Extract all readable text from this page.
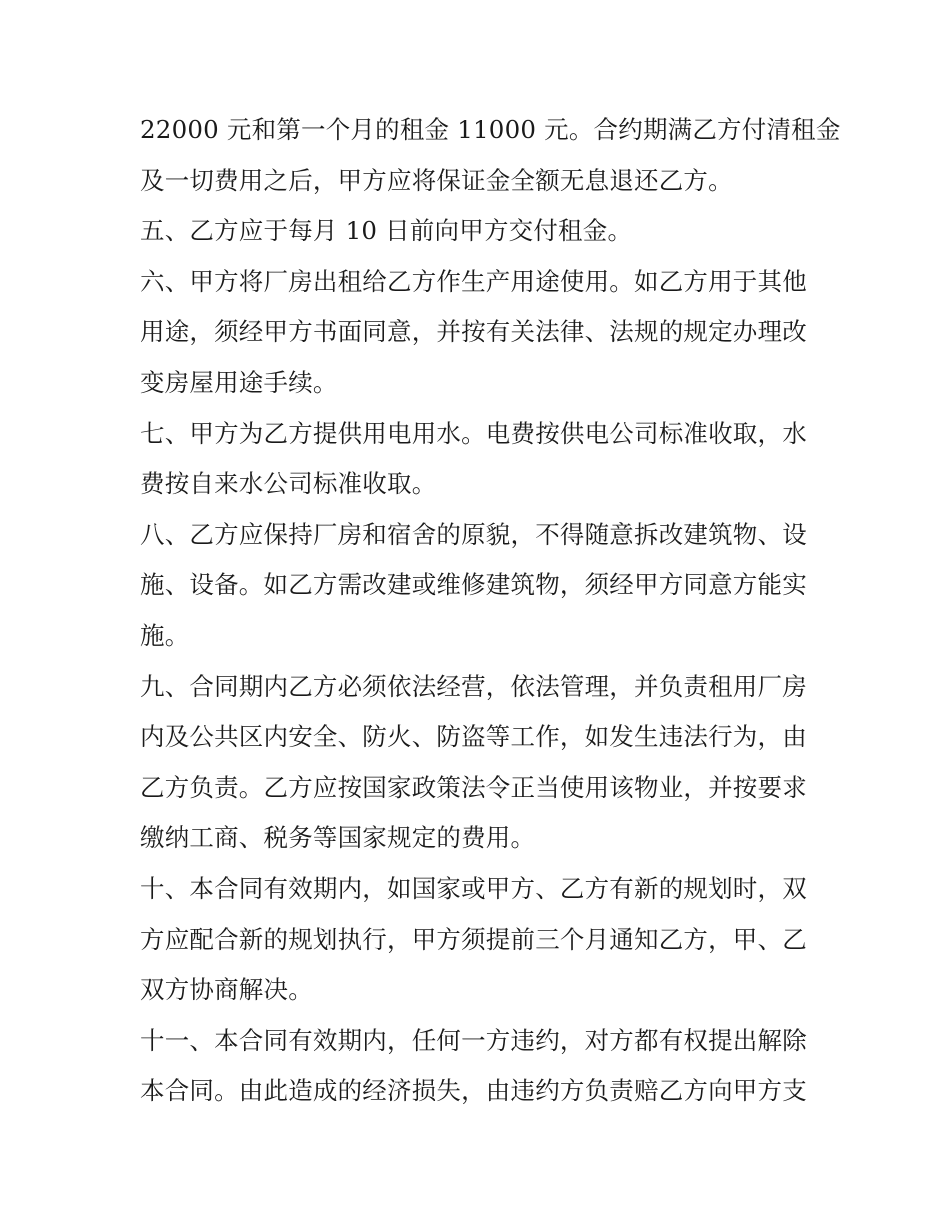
22000 元和第一个月的租金 11000 元。合约期满乙方付清租金
及一切费用之后，甲方应将保证金全额无息退还乙方。
五、乙方应于每月 10 日前向甲方交付租金。
六、甲方将厂房出租给乙方作生产用途使用。如乙方用于其他
用途，须经甲方书面同意，并按有关法律、法规的规定办理改
变房屋用途手续。
七、甲方为乙方提供用电用水。电费按供电公司标准收取，水
费按自来水公司标准收取。
八、乙方应保持厂房和宿舍的原貌，不得随意拆改建筑物、设
施、设备。如乙方需改建或维修建筑物，须经甲方同意方能实
施。
九、合同期内乙方必须依法经营，依法管理，并负责租用厂房
内及公共区内安全、防火、防盗等工作，如发生违法行为，由
乙方负责。乙方应按国家政策法令正当使用该物业，并按要求
缴纳工商、税务等国家规定的费用。
十、本合同有效期内，如国家或甲方、乙方有新的规划时，双
方应配合新的规划执行，甲方须提前三个月通知乙方，甲、乙
双方协商解决。
十一、本合同有效期内，任何一方违约，对方都有权提出解除
本合同。由此造成的经济损失，由违约方负责赔乙方向甲方支
